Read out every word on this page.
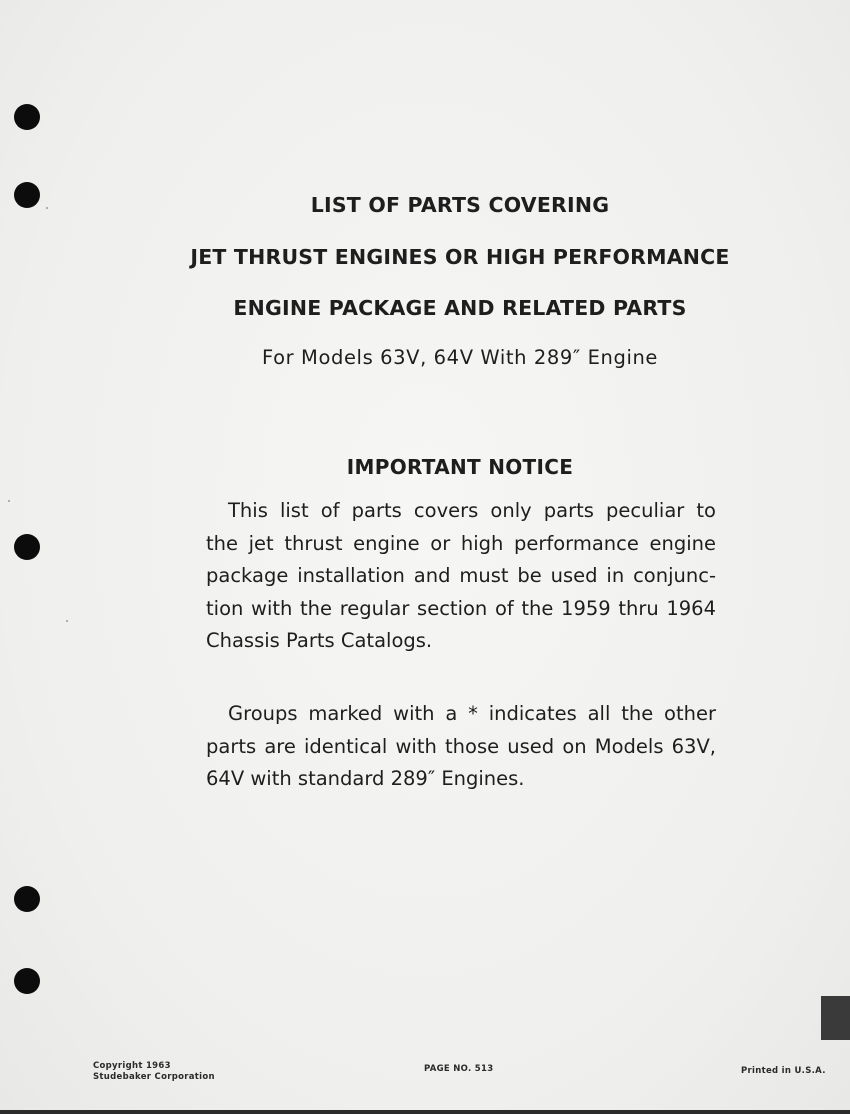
LIST OF PARTS COVERING
JET THRUST ENGINES OR HIGH PERFORMANCE
ENGINE PACKAGE AND RELATED PARTS
For Models 63V, 64V With 289″ Engine
IMPORTANT NOTICE
This list of parts covers only parts peculiar to
the jet thrust engine or high performance engine
package installation and must be used in conjunc-
tion with the regular section of the 1959 thru 1964
Chassis Parts Catalogs.
Groups marked with a * indicates all the other
parts are identical with those used on Models 63V,
64V with standard 289″ Engines.
Copyright 1963
Studebaker Corporation
PAGE NO. 513	Printed in U.S.A.
